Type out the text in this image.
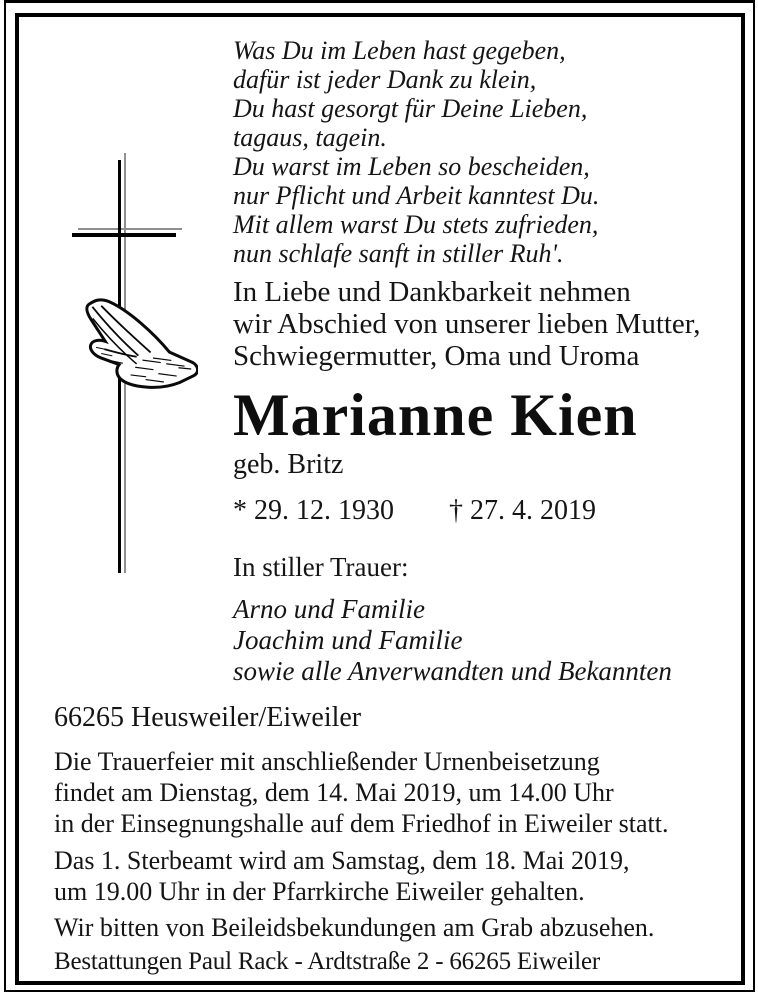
Was Du im Leben hast gegeben,
dafür ist jeder Dank zu klein,
Du hast gesorgt für Deine Lieben,
tagaus, tagein.
Du warst im Leben so bescheiden,
nur Pflicht und Arbeit kanntest Du.
Mit allem warst Du stets zufrieden,
nun schlafe sanft in stiller Ruh'.
In Liebe und Dankbarkeit nehmen
wir Abschied von unserer lieben Mutter,
Schwiegermutter, Oma und Uroma
Marianne Kien
geb. Britz
* 29. 12. 1930 † 27. 4. 2019
In stiller Trauer:
Arno und Familie
Joachim und Familie
sowie alle Anverwandten und Bekannten
66265 Heusweiler/Eiweiler
Die Trauerfeier mit anschließender Urnenbeisetzung
findet am Dienstag, dem 14. Mai 2019, um 14.00 Uhr
in der Einsegnungshalle auf dem Friedhof in Eiweiler statt.
Das 1. Sterbeamt wird am Samstag, dem 18. Mai 2019,
um 19.00 Uhr in der Pfarrkirche Eiweiler gehalten.
Wir bitten von Beileidsbekundungen am Grab abzusehen.
Bestattungen Paul Rack - Ardtstraße 2 - 66265 Eiweiler
